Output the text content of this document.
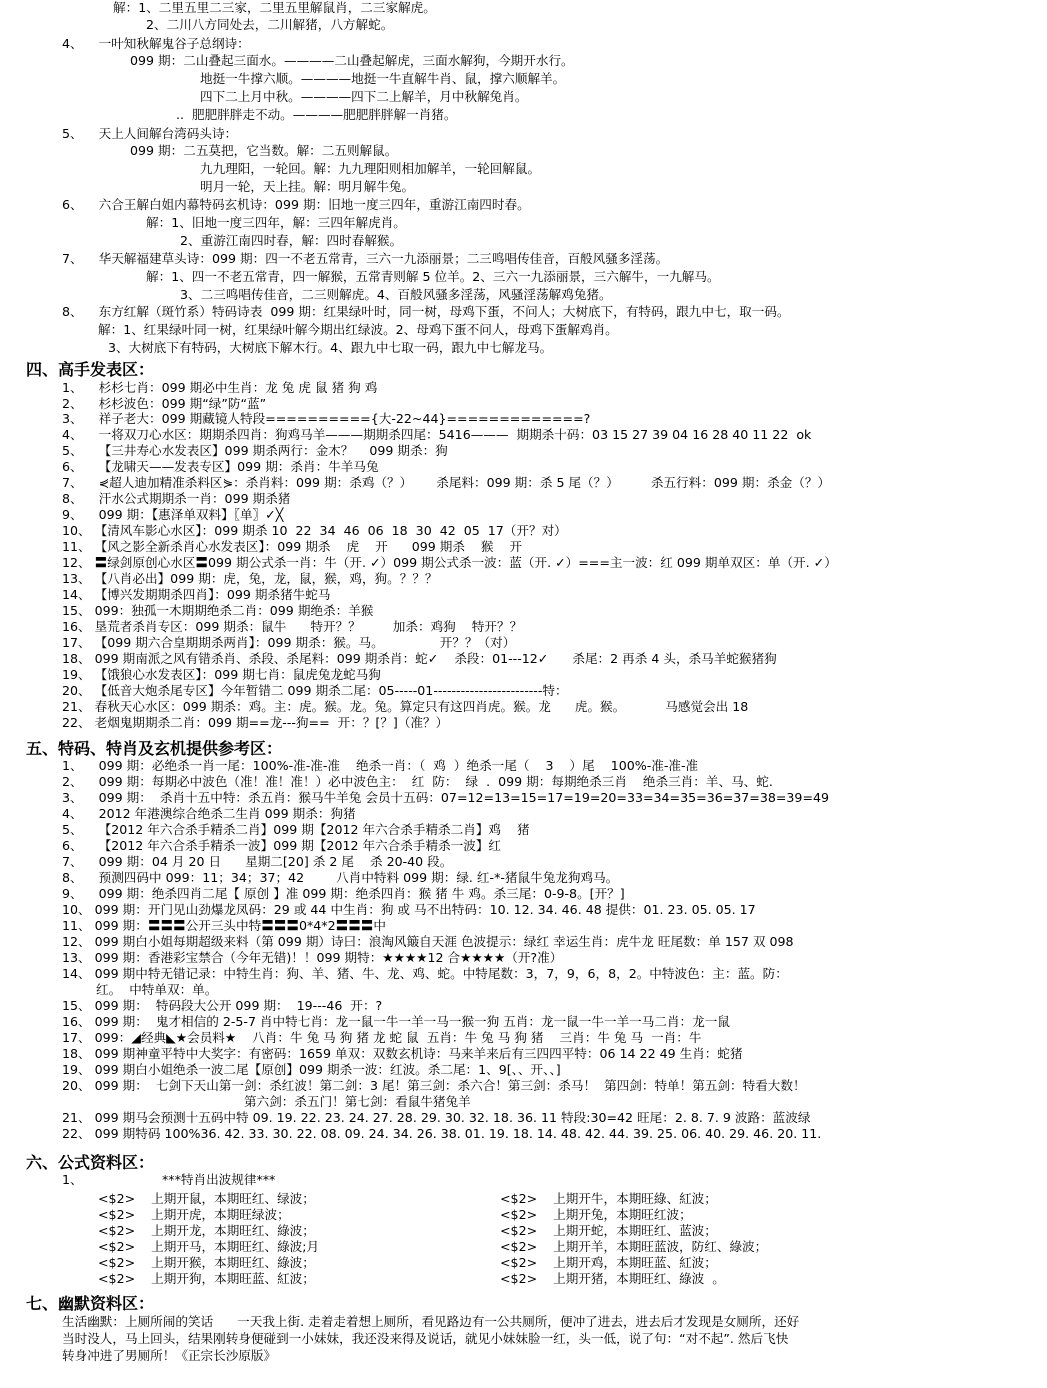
四、高手发表区：
五、特码、特肖及玄机提供参考区：
六、公式资料区：
七、幽默资料区：
解：1、二里五里二三家，二里五里解鼠肖，二三家解虎。
2、二川八方同处去，二川解猪，八方解蛇。
4、    一叶知秋解鬼谷子总纲诗：
099 期：二山叠起三面水。————二山叠起解虎，三面水解狗，今期开水行。
地挺一牛撑六顺。————地挺一牛直解牛肖、鼠，撑六顺解羊。
四下二上月中秋。————四下二上解羊，月中秋解兔肖。
..  肥肥胖胖走不动。————肥肥胖胖解一肖猪。
5、    天上人间解台湾码头诗：
099 期：二五莫把，它当数。解：二五则解鼠。
九九理阳，一轮回。解：九九理阳则相加解羊，一轮回解鼠。
明月一轮，天上挂。解：明月解牛兔。
6、    六合王解白姐内幕特码玄机诗：099 期：旧地一度三四年，重游江南四时春。
解：1、旧地一度三四年，解：三四年解虎肖。
2、重游江南四时春，解：四时春解猴。
7、    华天解福建草头诗：099 期：四一不老五常青，三六一九添丽景；二三鸣唱传佳音，百般风骚多淫荡。
解：1、四一不老五常青，四一解猴，五常青则解 5 位羊。2、三六一九添丽景，三六解牛，一九解马。
3、二三鸣唱传佳音，二三则解虎。4、百般风骚多淫荡，风骚淫荡解鸡兔猪。
8、    东方红解（斑竹系）特码诗表  099 期：红果绿叶时，同一树，母鸡下蛋，不问人；大树底下，有特码，跟九中七，取一码。
解：1、红果绿叶同一树，红果绿叶解今期出红绿波。2、母鸡下蛋不问人，母鸡下蛋解鸡肖。
3、大树底下有特码，大树底下解木行。4、跟九中七取一码，跟九中七解龙马。
1、    杉杉七肖：099 期必中生肖：龙 兔 虎 鼠 猪 狗 鸡
2、    杉杉波色：099 期“绿”防“蓝”
3、    祥子老大：099 期藏镜人特段=========={大-22~44}=============?
4、    一将双刀心水区：期期杀四肖：狗鸡马羊———期期杀四尾：5416———  期期杀十码：03 15 27 39 04 16 28 40 11 22  ok
5、    【三井寿心水发表区】099 期杀两行：金木？    099 期杀：狗
6、    【龙啸天——发表专区】099 期：杀肖：牛羊马兔
7、    ⋞超人迪加精准杀料区⋟：杀肖料：099 期：杀鸡（？）      杀尾料：099 期：杀 5 尾（？）        杀五行料：099 期：杀金（？）
8、    汗水公式期期杀一肖：099 期杀猪
9、    099 期：【惠泽单双料】〖单〗✓╳
10、 【清风车影心水区】：099 期杀 10  22  34  46  06  18  30  42  05  17（开？对）
11、 【风之影全新杀肖心水发表区】：099 期杀    虎    开      099 期杀    猴    开
12、 〓绿剑原创心水区〓099 期公式杀一肖：牛（开. ✓）099 期公式杀一波：蓝（开. ✓）===主一波：红 099 期单双区：单（开. ✓）
13、 【八肖必出】099 期：虎，兔，龙，鼠，猴，鸡，狗。？？？
14、 【博兴发期期杀四肖】：099 期杀猪牛蛇马
15、 099：独孤一木期期绝杀二肖：099 期绝杀：羊猴
16、 垦荒者杀肖专区：099 期杀：鼠牛      特开？？        加杀：鸡狗    特开？？
17、 【099 期六合皇期期杀两肖】：099 期杀：猴。马。              开？？（对）
18、 099 期南派之风有错杀肖、杀段、杀尾料：099 期杀肖：蛇✓    杀段：01---12✓      杀尾：2 再杀 4 头，杀马羊蛇猴猪狗
19、 【饿狼心水发表区】：099 期七肖：鼠虎兔龙蛇马狗
20、 【低音大炮杀尾专区】今年暂错二 099 期杀二尾：05-----01------------------------特：
21、 春秋天心水区：099 期杀：鸡。主：虎。猴。龙。兔。算定只有这四肖虎。猴。龙      虎。猴。          马感觉会出 18
22、 老烟鬼期期杀二肖：099 期==龙---狗==  开：？[？]（准？）
1、    099 期：必绝杀一肖一尾：100%-准-准-准    绝杀一肖：（  鸡  ）绝杀一尾（    3    ）尾    100%-准-准-准
2、    099 期：每期必中波色（准！准！准！）必中波色主：  红  防：  绿  .  099 期：每期绝杀三肖    绝杀三肖：羊、马、蛇.
3、    099 期：  杀肖十五中特：杀五肖：猴马牛羊兔 会员十五码：07=12=13=15=17=19=20=33=34=35=36=37=38=39=49
4、    2012 年港澳综合绝杀二生肖 099 期杀：狗猪
5、    【2012 年六合杀手精杀二肖】099 期【2012 年六合杀手精杀二肖】鸡    猪
6、    【2012 年六合杀手精杀一波】099 期【2012 年六合杀手精杀一波】红
7、    099 期：04 月 20 日      星期二[20] 杀 2 尾    杀 20-40 段。
8、    预测四码中 099：11；34；37；42        八肖中特料 099 期：绿. 红-*-猪鼠牛兔龙狗鸡马。
9、    099 期：绝杀四肖二尾【 原创 】准 099 期：绝杀四肖：猴 猪 牛 鸡。杀三尾：0-9-8。[开？]
10、 099 期：开门见山劲爆龙凤码：29 或 44 中生肖：狗 或 马不出特码：10. 12. 34. 46. 48 提供：01. 23. 05. 05. 17
11、 099 期：〓〓〓公开三头中特〓〓〓0*4*2〓〓〓中
12、 099 期白小姐每期超级来料（第 099 期）诗曰：浪淘风簸自天涯 色波提示：绿红 幸运生肖：虎牛龙 旺尾数：单 157 双 098
13、 099 期：香港彩宝禁合（今年无错)！！099 期特：★★★★12 合★★★★（开?准）
14、 099 期中特无错记录：中特生肖：狗、羊、猪、牛、龙、鸡、蛇。中特尾数：3，7，9，6，8，2。中特波色：主：蓝。防：
红。  中特单双：单。
15、 099 期：  特码段大公开 099 期：  19---46  开：?
16、 099 期：  鬼才相信的 2-5-7 肖中特七肖：龙一鼠一牛一羊一马一猴一狗 五肖：龙一鼠一牛一羊一马二肖：龙一鼠
17、 099：◢经典◣★会员料★    八肖：牛 兔 马 狗 猪 龙 蛇 鼠  五肖：牛 兔 马 狗 猪    三肖：牛 兔 马  一肖：牛
18、 099 期神童平特中大奖字：有密码：1659 单双：双数玄机诗：马来羊来后有三四四平特：06 14 22 49 生肖：蛇猪
19、 099 期白小姐绝杀一波二尾【原创】099 期杀一波：红波。杀二尾：1、9[、、开、、]
20、 099 期：  七剑下天山第一剑：杀红波！第二剑：3 尾！第三剑：杀六合！第三剑：杀马！  第四剑：特单！第五剑：特看大数！
第六剑：杀五门！第七剑：看鼠牛猪兔羊
21、 099 期马会预测十五码中特 09. 19. 22. 23. 24. 27. 28. 29. 30. 32. 18. 36. 11 特段:30=42 旺尾：2. 8. 7. 9 波路：蓝波绿
22、 099 期特码 100%36. 42. 33. 30. 22. 08. 09. 24. 34. 26. 38. 01. 19. 18. 14. 48. 42. 44. 39. 25. 06. 40. 29. 46. 20. 11.
1、	***特肖出波规律***
<$2>    上期开鼠，本期旺红、绿波；
<$2>    上期开虎，本期旺绿波；
<$2>    上期开龙，本期旺红、綠波；
<$2>    上期开马，本期旺红、綠波;月
<$2>    上期开猴，本期旺红、綠波；
<$2>    上期开狗，本期旺蓝、紅波；
<$2>    上期开牛，本期旺綠、紅波；
<$2>    上期开兔，本期旺红波；
<$2>    上期开蛇，本期旺红、蓝波；
<$2>    上期开羊，本期旺蓝波，防红、綠波；
<$2>    上期开鸡，本期旺蓝、紅波；
<$2>    上期开猪，本期旺红、綠波  。
生活幽默：上厕所闹的笑话      一天我上街. 走着走着想上厕所，看见路边有一公共厕所，便冲了进去，进去后才发现是女厕所，还好
当时没人，马上回头，结果刚转身便碰到一小妹妹，我还没来得及说话，就见小妹妹脸一红，头一低，说了句：“对不起”. 然后飞快
转身冲进了男厕所！《正宗长沙原版》
